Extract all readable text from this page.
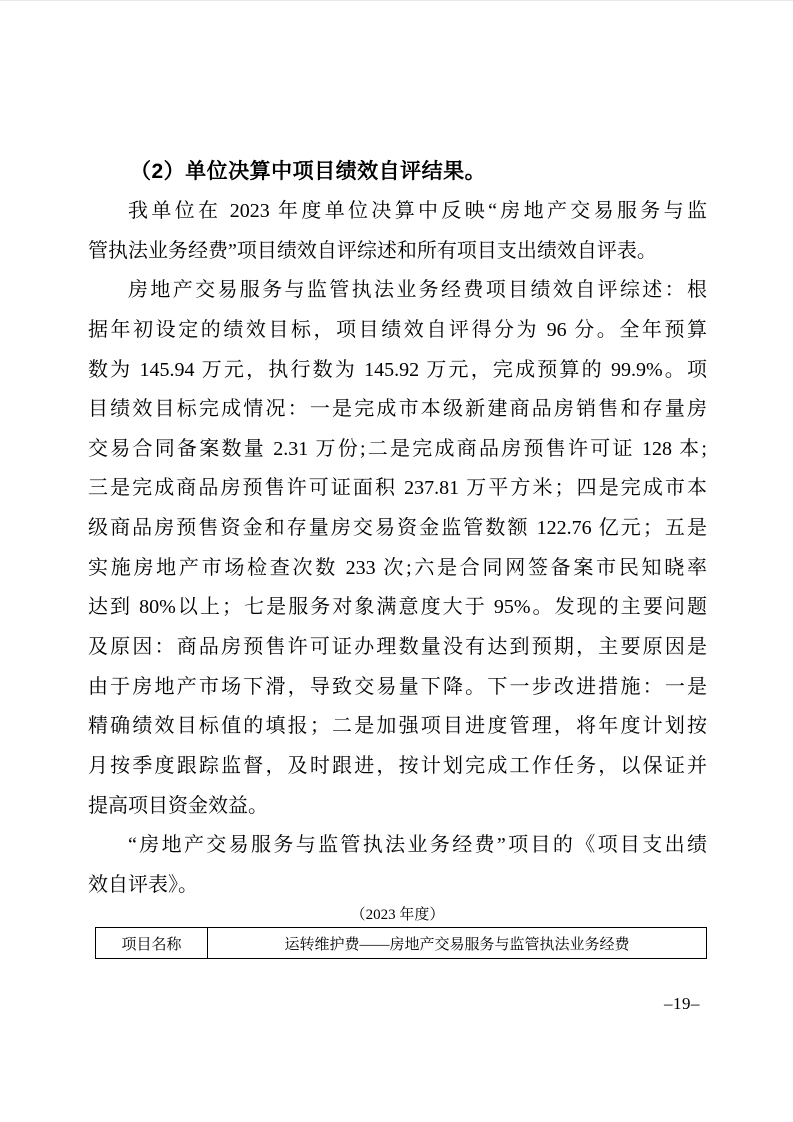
（2）单位决算中项目绩效自评结果。
我单位在 2023 年度单位决算中反映“房地产交易服务与监
管执法业务经费”项目绩效自评综述和所有项目支出绩效自评表。
房地产交易服务与监管执法业务经费项目绩效自评综述：根
据年初设定的绩效目标，项目绩效自评得分为 96 分。全年预算
数为 145.94 万元，执行数为 145.92 万元，完成预算的 99.9%。项
目绩效目标完成情况：一是完成市本级新建商品房销售和存量房
交易合同备案数量 2.31 万份;二是完成商品房预售许可证 128 本;
三是完成商品房预售许可证面积 237.81 万平方米；四是完成市本
级商品房预售资金和存量房交易资金监管数额 122.76 亿元；五是
实施房地产市场检查次数 233 次;六是合同网签备案市民知晓率
达到 80%以上；七是服务对象满意度大于 95%。发现的主要问题
及原因：商品房预售许可证办理数量没有达到预期，主要原因是
由于房地产市场下滑，导致交易量下降。下一步改进措施：一是
精确绩效目标值的填报；二是加强项目进度管理，将年度计划按
月按季度跟踪监督，及时跟进，按计划完成工作任务，以保证并
提高项目资金效益。
“房地产交易服务与监管执法业务经费”项目的《项目支出绩
效自评表》。
（2023 年度）
项目名称	运转维护费——房地产交易服务与监管执法业务经费
–19–
